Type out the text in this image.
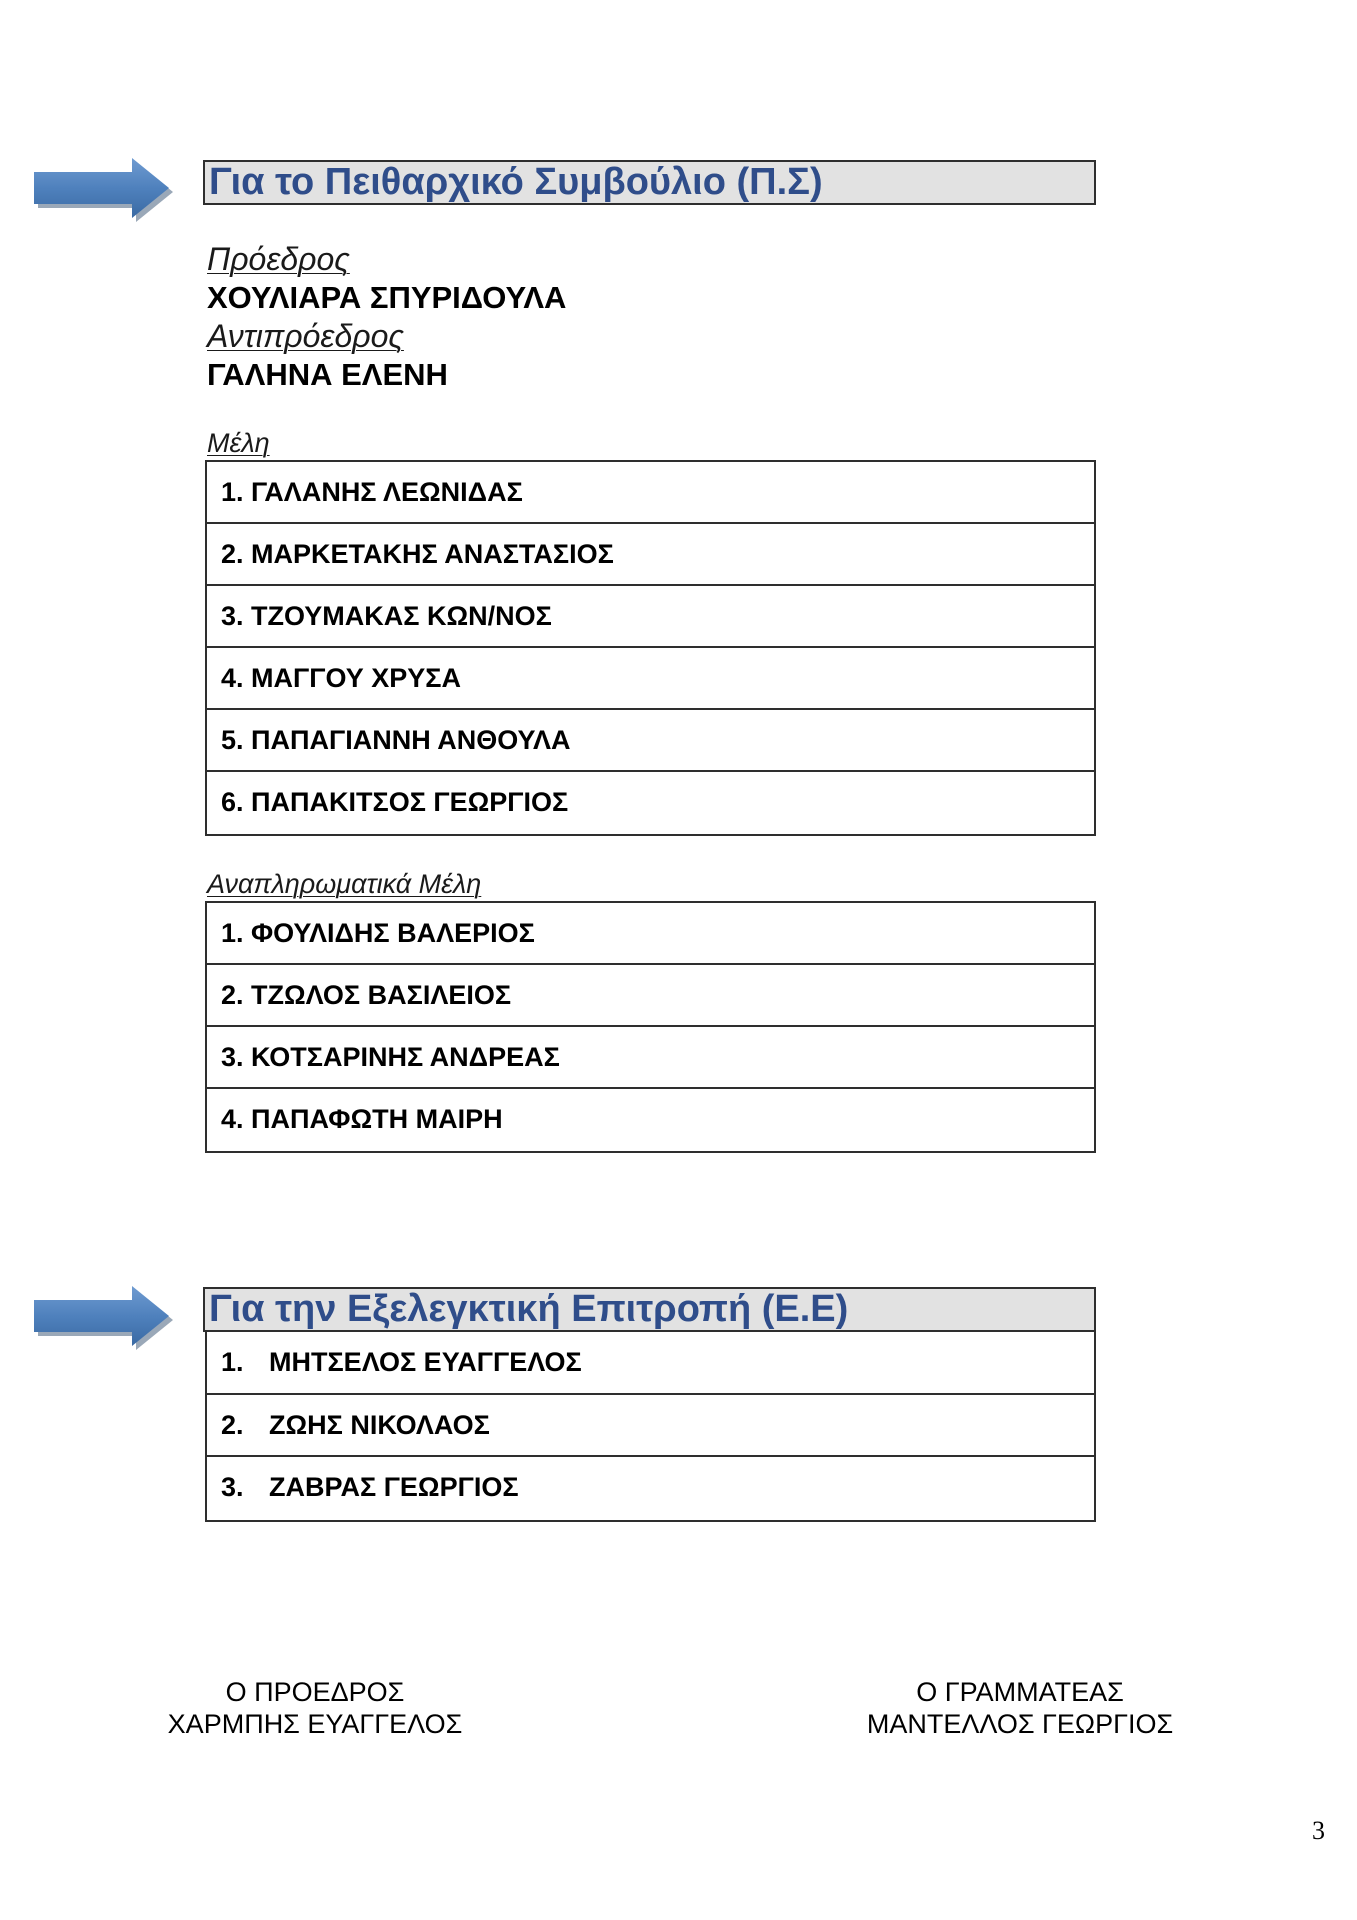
Για το Πειθαρχικό Συμβούλιο (Π.Σ)
Πρόεδρος
ΧΟΥΛΙΑΡΑ ΣΠΥΡΙΔΟΥΛΑ
Αντιπρόεδρος
ΓΑΛΗΝΑ ΕΛΕΝΗ
Μέλη
1. ΓΑΛΑΝΗΣ ΛΕΩΝΙΔΑΣ
2. ΜΑΡΚΕΤΑΚΗΣ ΑΝΑΣΤΑΣΙΟΣ
3. ΤΖΟΥΜΑΚΑΣ ΚΩΝ/ΝΟΣ
4. ΜΑΓΓΟΥ ΧΡΥΣΑ
5. ΠΑΠΑΓΙΑΝΝΗ ΑΝΘΟΥΛΑ
6. ΠΑΠΑΚΙΤΣΟΣ ΓΕΩΡΓΙΟΣ
Αναπληρωματικά Μέλη
1. ΦΟΥΛΙΔΗΣ ΒΑΛΕΡΙΟΣ
2. ΤΖΩΛΟΣ ΒΑΣΙΛΕΙΟΣ
3. ΚΟΤΣΑΡΙΝΗΣ ΑΝΔΡΕΑΣ
4. ΠΑΠΑΦΩΤΗ ΜΑΙΡΗ
Για την Εξελεγκτική Επιτροπή (Ε.Ε)
1. ΜΗΤΣΕΛΟΣ ΕΥΑΓΓΕΛΟΣ
2. ΖΩΗΣ ΝΙΚΟΛΑΟΣ
3. ΖΑΒΡΑΣ ΓΕΩΡΓΙΟΣ
Ο ΠΡΟΕΔΡΟΣ
ΧΑΡΜΠΗΣ ΕΥΑΓΓΕΛΟΣ
Ο ΓΡΑΜΜΑΤΕΑΣ
ΜΑΝΤΕΛΛΟΣ ΓΕΩΡΓΙΟΣ
3
